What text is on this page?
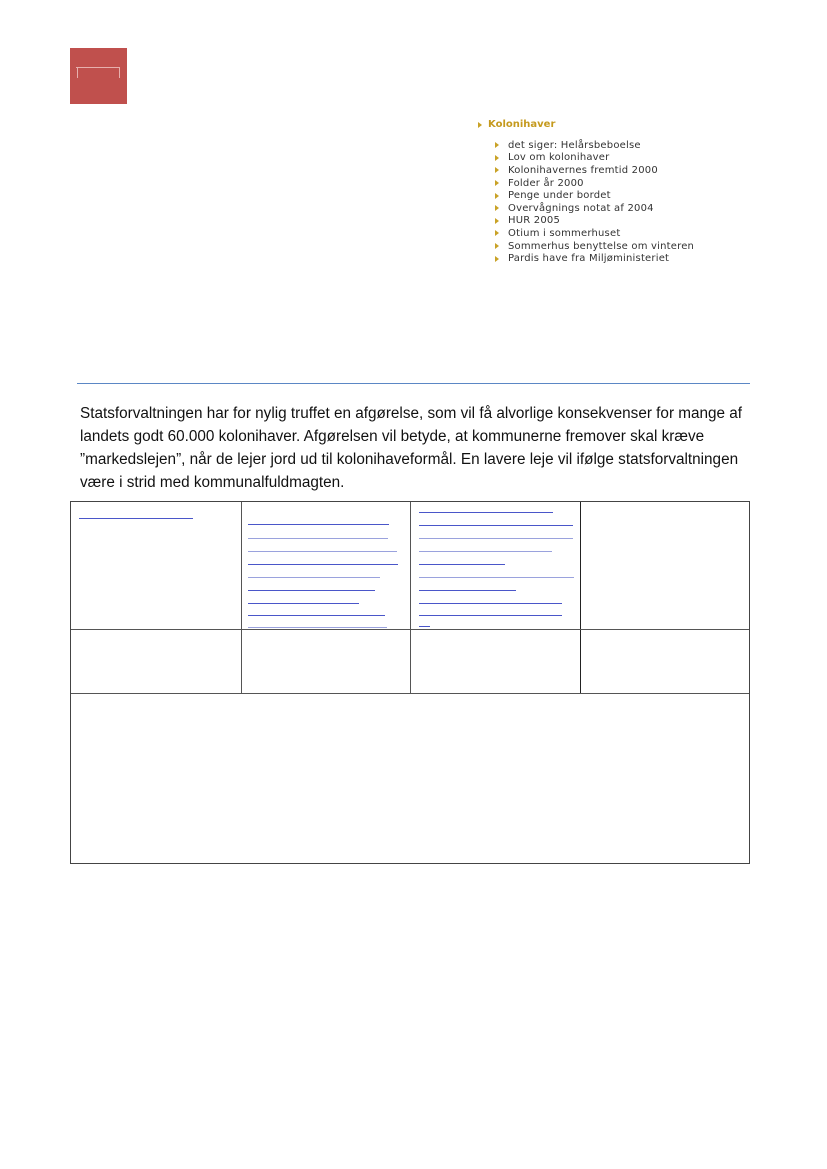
Kolonihaver
det siger: Helårsbeboelse
Lov om kolonihaver
Kolonihavernes fremtid 2000
Folder år 2000
Penge under bordet
Overvågnings notat af 2004
HUR 2005
Otium i sommerhuset
Sommerhus benyttelse om vinteren
Pardis have fra Miljøministeriet

Statsforvaltningen har for nylig truffet en afgørelse, som vil få alvorlige konsekvenser for mange af landets godt 60.000 kolonihaver. Afgørelsen vil betyde, at kommunerne fremover skal kræve ”markedslejen”, når de lejer jord ud til kolonihaveformål. En lavere leje vil ifølge statsforvaltningen være i strid med kommunalfuldmagten.
